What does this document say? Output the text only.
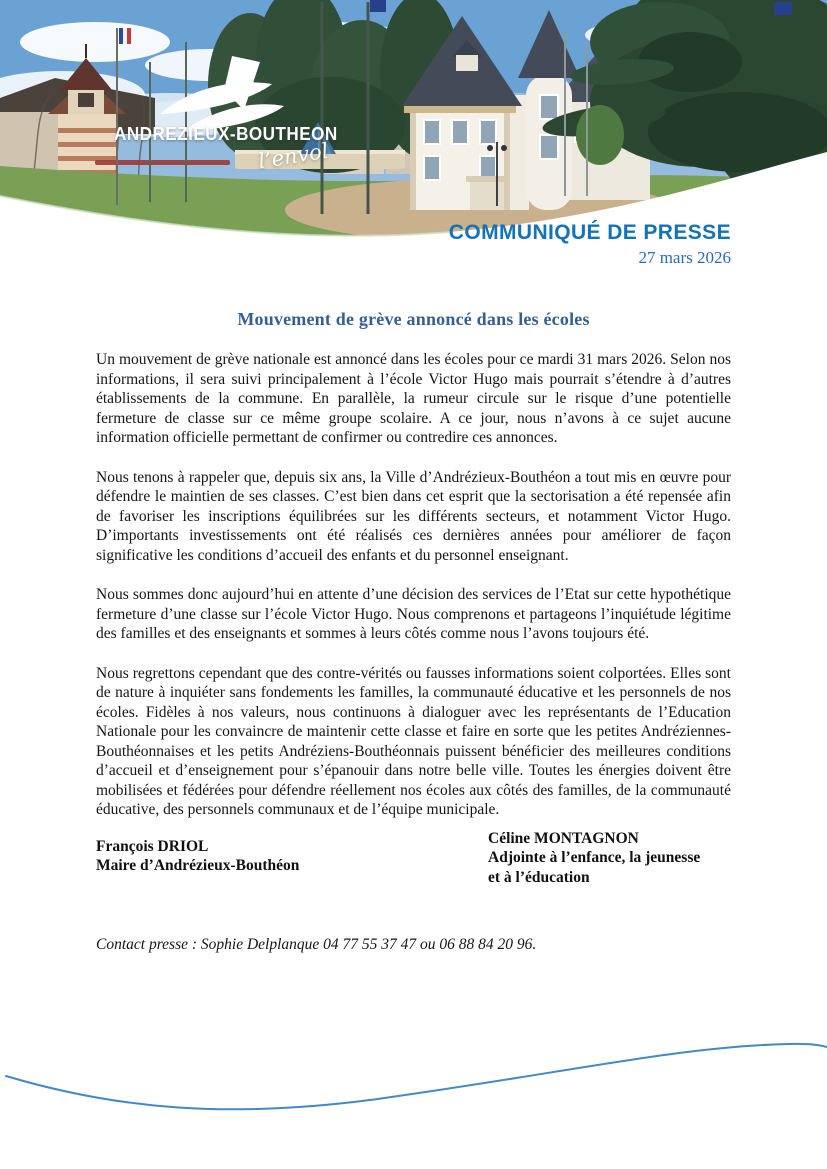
ANDREZIEUX-BOUTHEON
l’envol
COMMUNIQUÉ DE PRESSE
27 mars 2026
Mouvement de grève annoncé dans les écoles

Un mouvement de grève nationale est annoncé dans les écoles pour ce mardi 31 mars 2026. Selon nos informations, il sera suivi principalement à l’école Victor Hugo mais pourrait s’étendre à d’autres établissements de la commune. En parallèle, la rumeur circule sur le risque d’une potentielle fermeture de classe sur ce même groupe scolaire. A ce jour, nous n’avons à ce sujet aucune information officielle permettant de confirmer ou contredire ces annonces.

Nous tenons à rappeler que, depuis six ans, la Ville d’Andrézieux-Bouthéon a tout mis en œuvre pour défendre le maintien de ses classes. C’est bien dans cet esprit que la sectorisation a été repensée afin de favoriser les inscriptions équilibrées sur les différents secteurs, et notamment Victor Hugo. D’importants investissements ont été réalisés ces dernières années pour améliorer de façon significative les conditions d’accueil des enfants et du personnel enseignant.

Nous sommes donc aujourd’hui en attente d’une décision des services de l’Etat sur cette hypothétique fermeture d’une classe sur l’école Victor Hugo. Nous comprenons et partageons l’inquiétude légitime des familles et des enseignants et sommes à leurs côtés comme nous l’avons toujours été.

Nous regrettons cependant que des contre-vérités ou fausses informations soient colportées. Elles sont de nature à inquiéter sans fondements les familles, la communauté éducative et les personnels de nos écoles. Fidèles à nos valeurs, nous continuons à dialoguer avec les représentants de l’Education Nationale pour les convaincre de maintenir cette classe et faire en sorte que les petites Andréziennes-Bouthéonnaises et les petits Andréziens-Bouthéonnais puissent bénéficier des meilleures conditions d’accueil et d’enseignement pour s’épanouir dans notre belle ville. Toutes les énergies doivent être mobilisées et fédérées pour défendre réellement nos écoles aux côtés des familles, de la communauté éducative, des personnels communaux et de l’équipe municipale.

François DRIOL
Maire d’Andrézieux-Bouthéon
Céline MONTAGNON
Adjointe à l’enfance, la jeunesse
et à l’éducation
Contact presse : Sophie Delplanque 04 77 55 37 47 ou 06 88 84 20 96.
